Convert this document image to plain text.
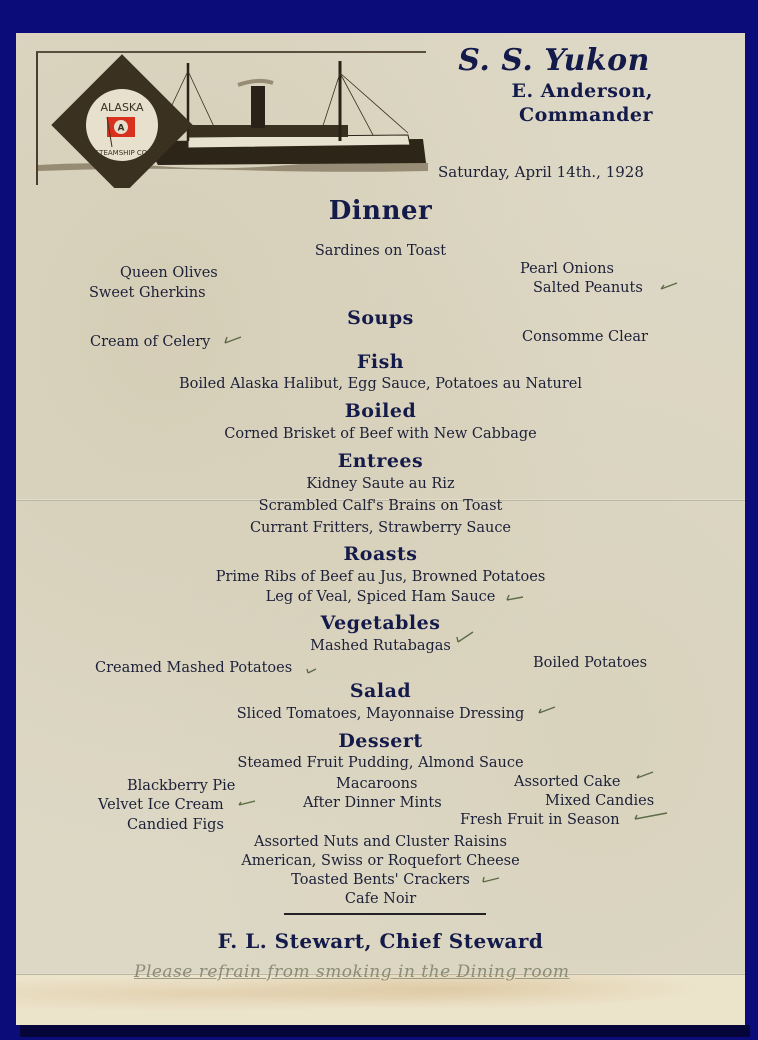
ALASKA
STEAMSHIP CO.
A
S. S. Yukon
E. Anderson,
Commander
Saturday, April 14th., 1928
Dinner
Sardines on Toast
Queen Olives
Sweet Gherkins
Pearl Onions
Salted Peanuts
Soups
Cream of Celery	Consomme Clear
Fish
Boiled Alaska Halibut, Egg Sauce, Potatoes au Naturel
Boiled
Corned Brisket of Beef with New Cabbage
Entrees
Kidney Saute au Riz
Scrambled Calf's Brains on Toast
Currant Fritters, Strawberry Sauce
Roasts
Prime Ribs of Beef au Jus, Browned Potatoes
Leg of Veal, Spiced Ham Sauce
Vegetables
Mashed Rutabagas
Creamed Mashed Potatoes	Boiled Potatoes
Salad
Sliced Tomatoes, Mayonnaise Dressing
Dessert
Steamed Fruit Pudding, Almond Sauce
Blackberry Pie
Velvet Ice Cream
Candied Figs
Macaroons
After Dinner Mints
Assorted Cake
Mixed Candies
Fresh Fruit in Season
Assorted Nuts and Cluster Raisins
American, Swiss or Roquefort Cheese
Toasted Bents' Crackers
Cafe Noir
F. L. Stewart, Chief Steward
Please refrain from smoking in the Dining room
